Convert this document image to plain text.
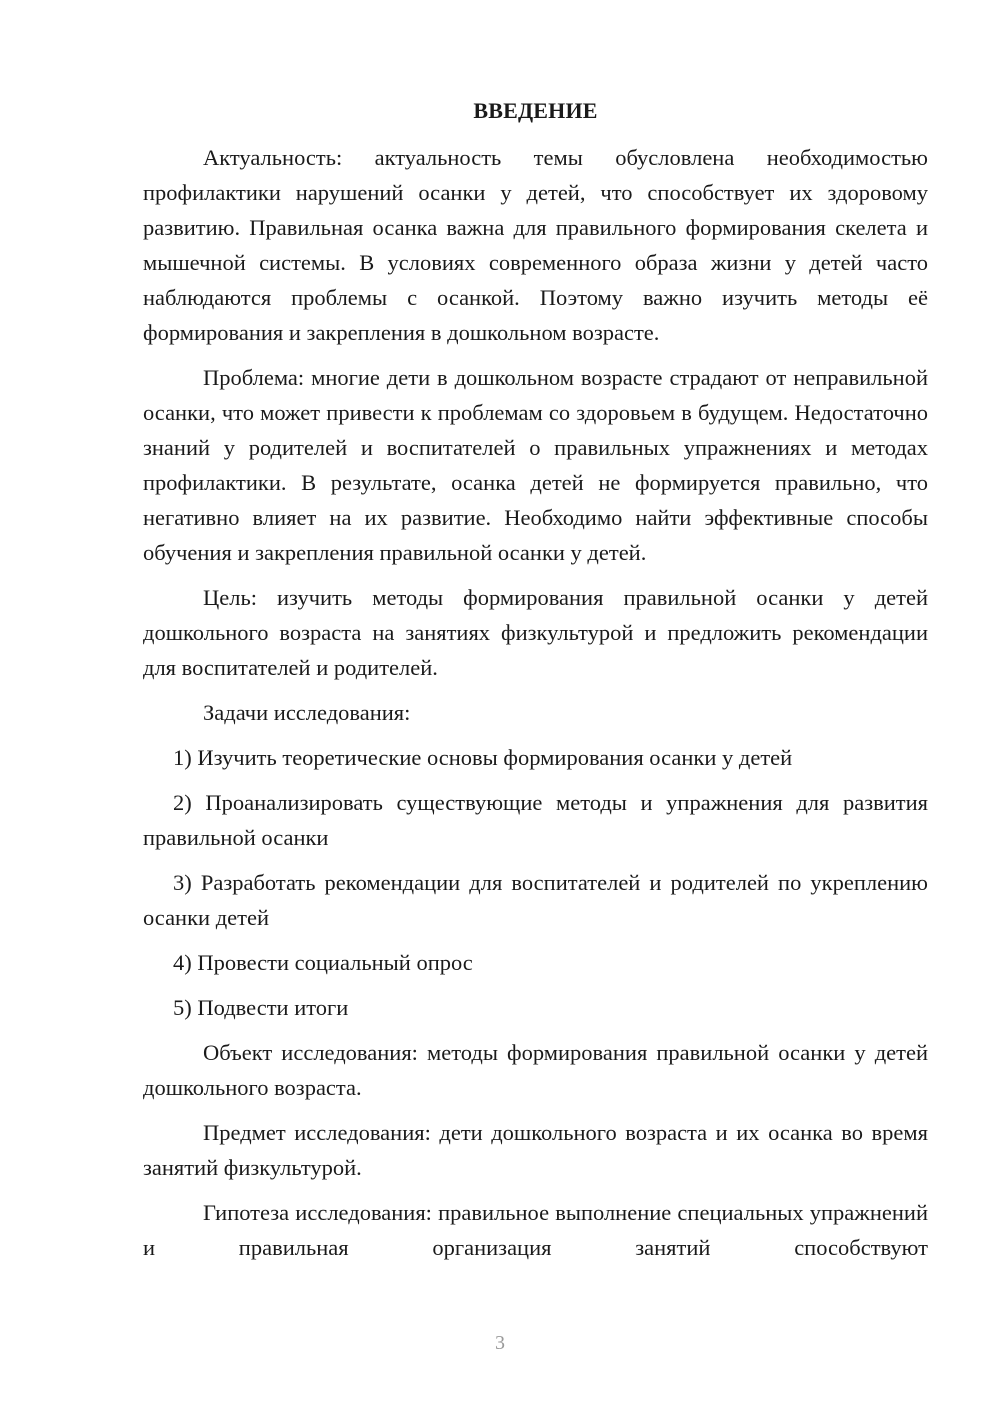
ВВЕДЕНИЕ

Актуальность: актуальность темы обусловлена необходимостью профилактики нарушений осанки у детей, что способствует их здоровому развитию. Правильная осанка важна для правильного формирования скелета и мышечной системы. В условиях современного образа жизни у детей часто наблюдаются проблемы с осанкой. Поэтому важно изучить методы её формирования и закрепления в дошкольном возрасте.

Проблема: многие дети в дошкольном возрасте страдают от неправильной осанки, что может привести к проблемам со здоровьем в будущем. Недостаточно знаний у родителей и воспитателей о правильных упражнениях и методах профилактики. В результате, осанка детей не формируется правильно, что негативно влияет на их развитие. Необходимо найти эффективные способы обучения и закрепления правильной осанки у детей.

Цель: изучить методы формирования правильной осанки у детей дошкольного возраста на занятиях физкультурой и предложить рекомендации для воспитателей и родителей.

Задачи исследования:

1) Изучить теоретические основы формирования осанки у детей

2) Проанализировать существующие методы и упражнения для развития правильной осанки

3) Разработать рекомендации для воспитателей и родителей по укреплению осанки детей

4) Провести социальный опрос

5) Подвести итоги

Объект исследования: методы формирования правильной осанки у детей дошкольного возраста.

Предмет исследования: дети дошкольного возраста и их осанка во время занятий физкультурой.

Гипотеза исследования: правильное выполнение специальных упражнений и правильная организация занятий способствуют

3
